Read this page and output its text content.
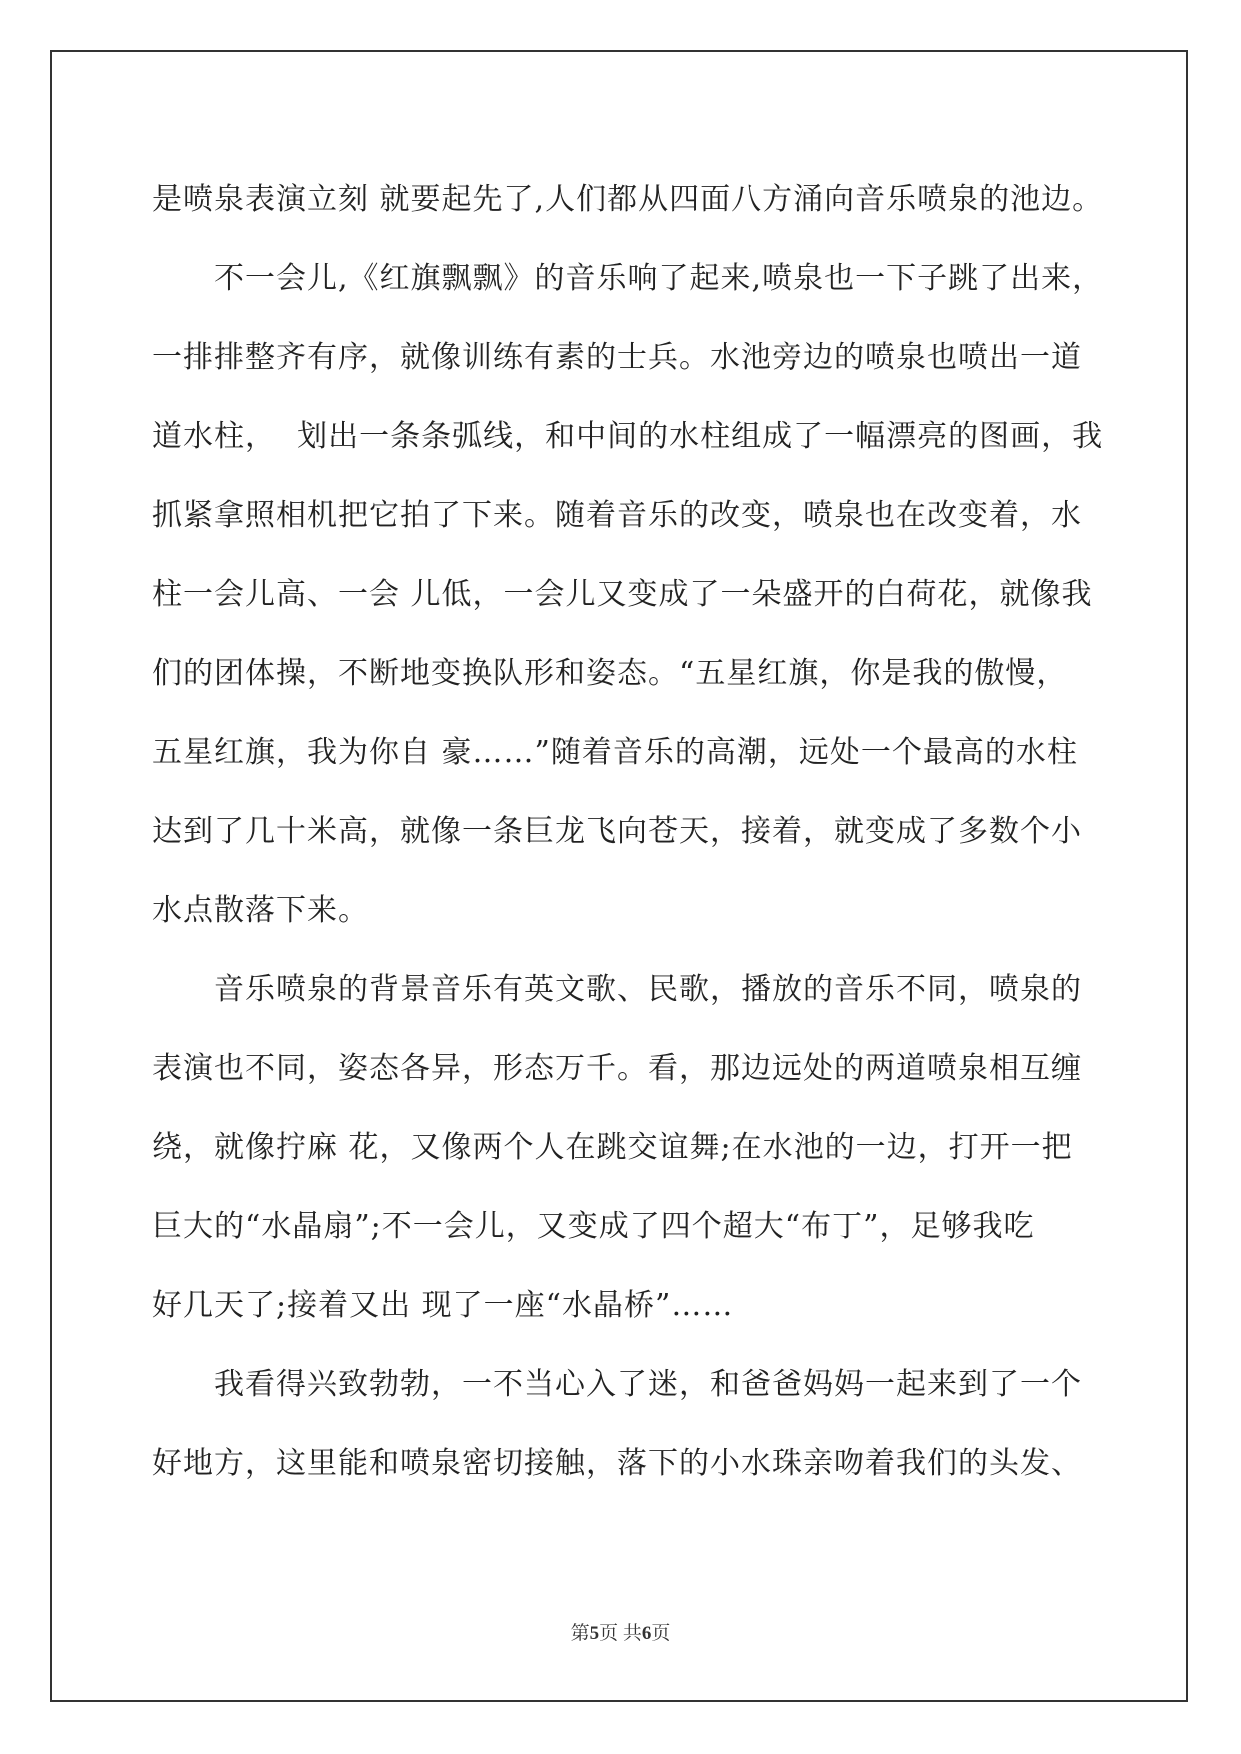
是喷泉表演立刻 就要起先了,人们都从四面八方涌向音乐喷泉的池边。
不一会儿,《红旗飘飘》的音乐响了起来,喷泉也一下子跳了出来，
一排排整齐有序，就像训练有素的士兵。水池旁边的喷泉也喷出一道
道水柱，  划出一条条弧线，和中间的水柱组成了一幅漂亮的图画，我
抓紧拿照相机把它拍了下来。随着音乐的改变，喷泉也在改变着，水
柱一会儿高、一会 儿低，一会儿又变成了一朵盛开的白荷花，就像我
们的团体操，不断地变换队形和姿态。“五星红旗，你是我的傲慢，
五星红旗，我为你自 豪……”随着音乐的高潮，远处一个最高的水柱
达到了几十米高，就像一条巨龙飞向苍天，接着，就变成了多数个小
水点散落下来。
音乐喷泉的背景音乐有英文歌、民歌，播放的音乐不同，喷泉的
表演也不同，姿态各异，形态万千。看，那边远处的两道喷泉相互缠
绕，就像拧麻 花，又像两个人在跳交谊舞;在水池的一边，打开一把
巨大的“水晶扇”;不一会儿，又变成了四个超大“布丁”，足够我吃
好几天了;接着又出 现了一座“水晶桥”……
我看得兴致勃勃，一不当心入了迷，和爸爸妈妈一起来到了一个
好地方，这里能和喷泉密切接触，落下的小水珠亲吻着我们的头发、
第5页 共6页
